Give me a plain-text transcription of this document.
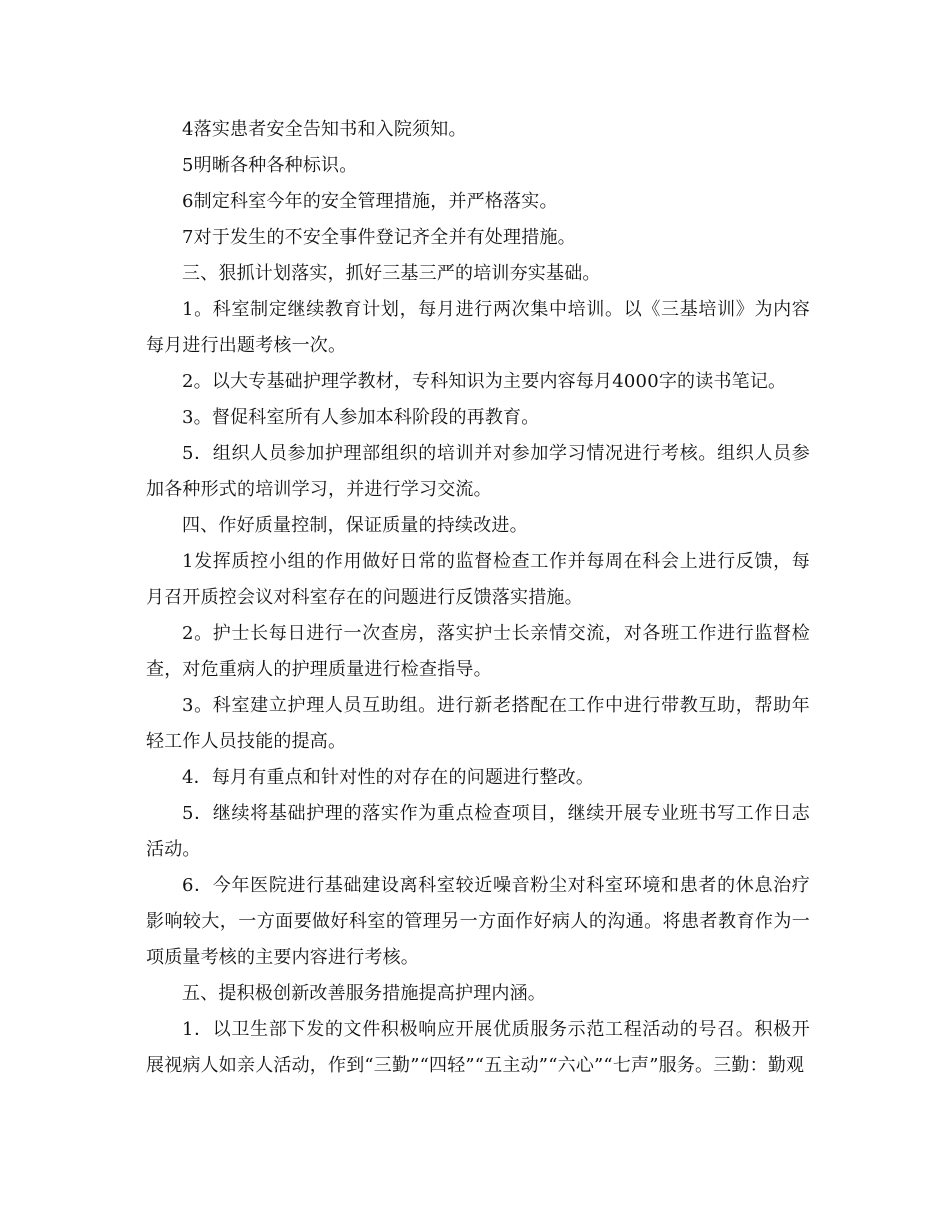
4落实患者安全告知书和入院须知。

5明晰各种各种标识。

6制定科室今年的安全管理措施，并严格落实。

7对于发生的不安全事件登记齐全并有处理措施。

三、狠抓计划落实，抓好三基三严的培训夯实基础。

1。科室制定继续教育计划，每月进行两次集中培训。以《三基培训》为内容每月进行出题考核一次。

2。以大专基础护理学教材，专科知识为主要内容每月4000字的读书笔记。

3。督促科室所有人参加本科阶段的再教育。

5．组织人员参加护理部组织的培训并对参加学习情况进行考核。组织人员参加各种形式的培训学习，并进行学习交流。

四、作好质量控制，保证质量的持续改进。

1发挥质控小组的作用做好日常的监督检查工作并每周在科会上进行反馈，每月召开质控会议对科室存在的问题进行反馈落实措施。

2。护士长每日进行一次查房，落实护士长亲情交流，对各班工作进行监督检查，对危重病人的护理质量进行检查指导。

3。科室建立护理人员互助组。进行新老搭配在工作中进行带教互助，帮助年轻工作人员技能的提高。

4．每月有重点和针对性的对存在的问题进行整改。

5．继续将基础护理的落实作为重点检查项目，继续开展专业班书写工作日志活动。

6．今年医院进行基础建设离科室较近噪音粉尘对科室环境和患者的休息治疗影响较大，一方面要做好科室的管理另一方面作好病人的沟通。将患者教育作为一项质量考核的主要内容进行考核。

五、提积极创新改善服务措施提高护理内涵。

1．以卫生部下发的文件积极响应开展优质服务示范工程活动的号召。积极开展视病人如亲人活动，作到“三勤”“四轻”“五主动”“六心”“七声”服务。三勤：勤观
